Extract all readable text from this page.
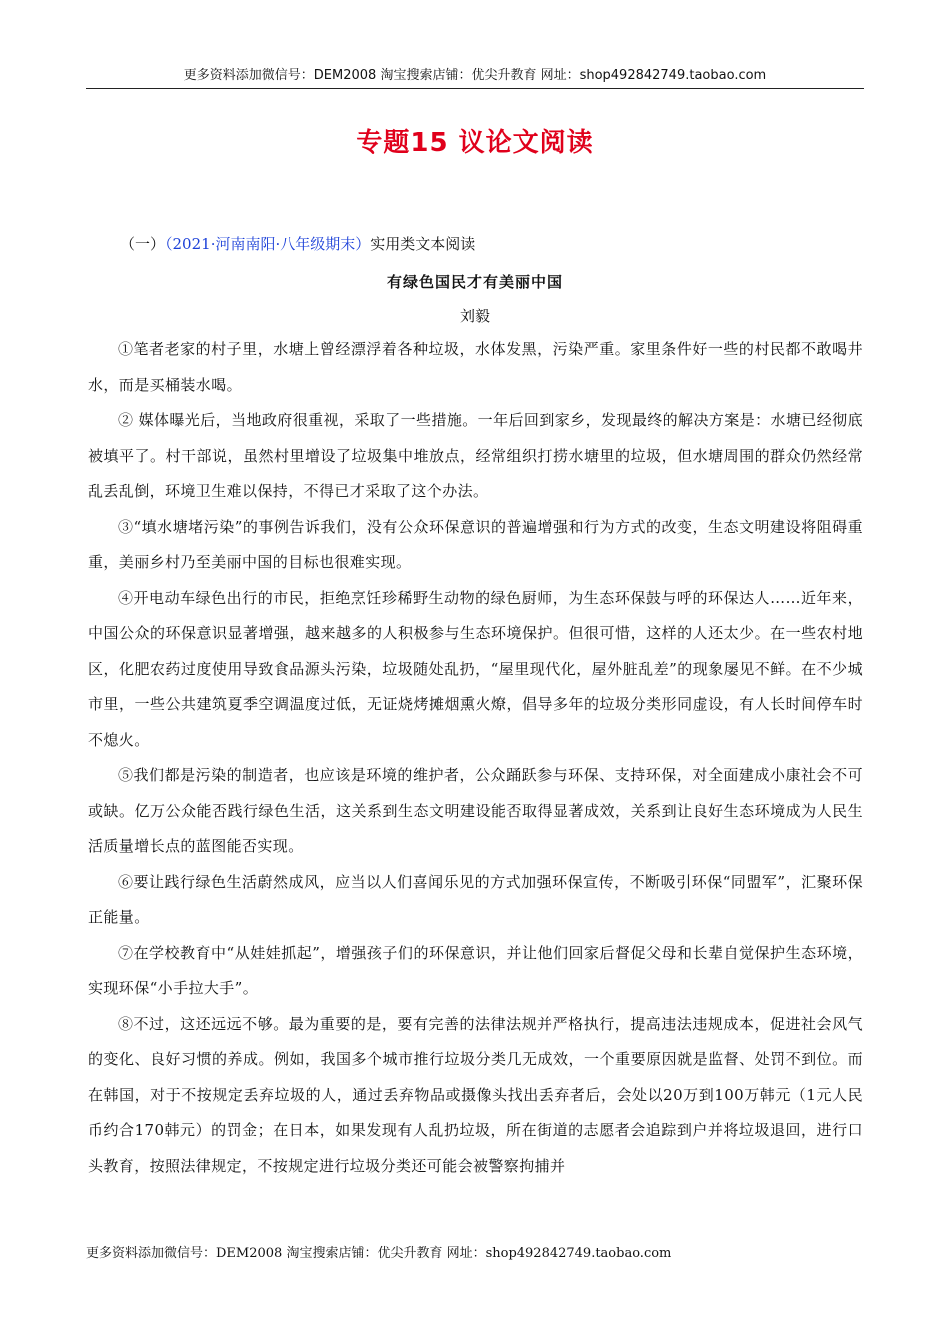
更多资料添加微信号：DEM2008 淘宝搜索店铺：优尖升教育 网址：shop492842749.taobao.com
专题15 议论文阅读
（一）（2021·河南南阳·八年级期末）实用类文本阅读
有绿色国民才有美丽中国
刘毅

①笔者老家的村子里，水塘上曾经漂浮着各种垃圾，水体发黑，污染严重。家里条件好一些的村民都不敢喝井水，而是买桶装水喝。

② 媒体曝光后，当地政府很重视，采取了一些措施。一年后回到家乡，发现最终的解决方案是：水塘已经彻底被填平了。村干部说，虽然村里增设了垃圾集中堆放点，经常组织打捞水塘里的垃圾，但水塘周围的群众仍然经常乱丢乱倒，环境卫生难以保持，不得已才采取了这个办法。

③“填水塘堵污染”的事例告诉我们，没有公众环保意识的普遍增强和行为方式的改变，生态文明建设将阻碍重重，美丽乡村乃至美丽中国的目标也很难实现。

④开电动车绿色出行的市民，拒绝烹饪珍稀野生动物的绿色厨师，为生态环保鼓与呼的环保达人……近年来，中国公众的环保意识显著增强，越来越多的人积极参与生态环境保护。但很可惜，这样的人还太少。在一些农村地区，化肥农药过度使用导致食品源头污染，垃圾随处乱扔，“屋里现代化，屋外脏乱差”的现象屡见不鲜。在不少城市里，一些公共建筑夏季空调温度过低，无证烧烤摊烟熏火燎，倡导多年的垃圾分类形同虚设，有人长时间停车时不熄火。

⑤我们都是污染的制造者，也应该是环境的维护者，公众踊跃参与环保、支持环保，对全面建成小康社会不可或缺。亿万公众能否践行绿色生活，这关系到生态文明建设能否取得显著成效，关系到让良好生态环境成为人民生活质量增长点的蓝图能否实现。

⑥要让践行绿色生活蔚然成风，应当以人们喜闻乐见的方式加强环保宣传，不断吸引环保“同盟军”，汇聚环保正能量。

⑦在学校教育中“从娃娃抓起”，增强孩子们的环保意识，并让他们回家后督促父母和长辈自觉保护生态环境，实现环保“小手拉大手”。

⑧不过，这还远远不够。最为重要的是，要有完善的法律法规并严格执行，提高违法违规成本，促进社会风气的变化、良好习惯的养成。例如，我国多个城市推行垃圾分类几无成效，一个重要原因就是监督、处罚不到位。而在韩国，对于不按规定丢弃垃圾的人，通过丢弃物品或摄像头找出丢弃者后，会处以20万到100万韩元（1元人民币约合170韩元）的罚金；在日本，如果发现有人乱扔垃圾，所在街道的志愿者会追踪到户并将垃圾退回，进行口头教育，按照法律规定，不按规定进行垃圾分类还可能会被警察拘捕并

更多资料添加微信号：DEM2008 淘宝搜索店铺：优尖升教育 网址：shop492842749.taobao.com
